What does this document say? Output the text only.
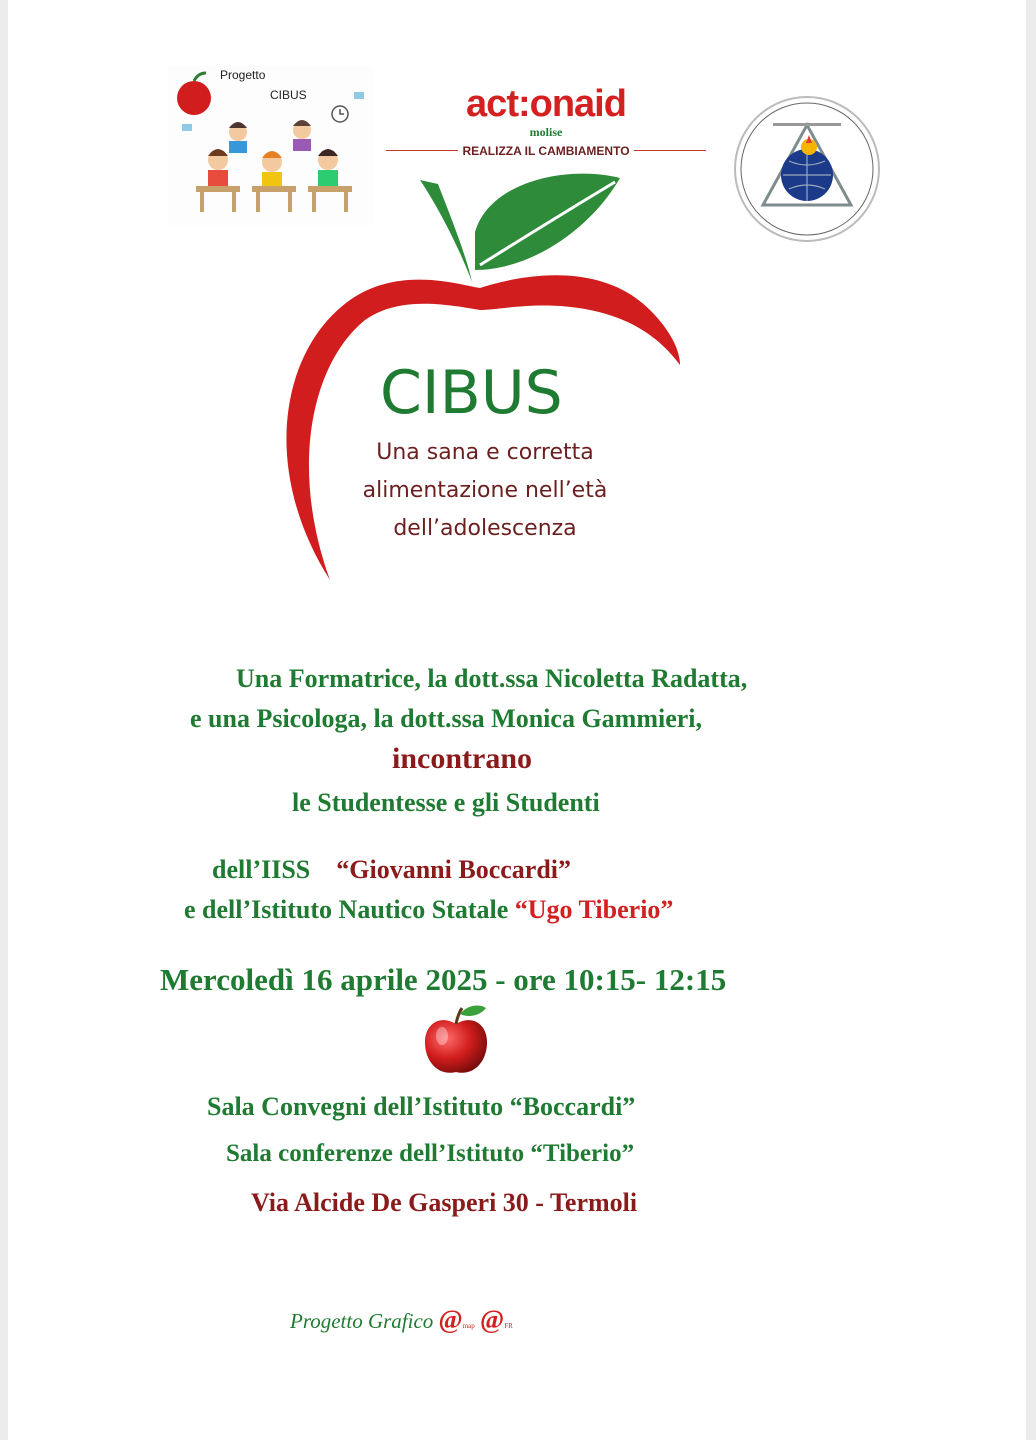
Progetto
CIBUS	act:onaid
molise
REALIZZA IL CAMBIAMENTO
CIBUS
Una sana e corretta
alimentazione nell’età
dell’adolescenza
Una Formatrice, la dott.ssa Nicoletta Radatta,
e una Psicologa, la dott.ssa Monica Gammieri,
incontrano
le Studentesse e gli Studenti
dell’IISS “Giovanni Boccardi”
e dell’Istituto Nautico Statale “Ugo Tiberio”
Mercoledì 16 aprile 2025 - ore 10:15- 12:15
Sala Convegni dell’Istituto “Boccardi”
Sala conferenze dell’Istituto “Tiberio”
Via Alcide De Gasperi 30 - Termoli
Progetto Grafico @map @FR
